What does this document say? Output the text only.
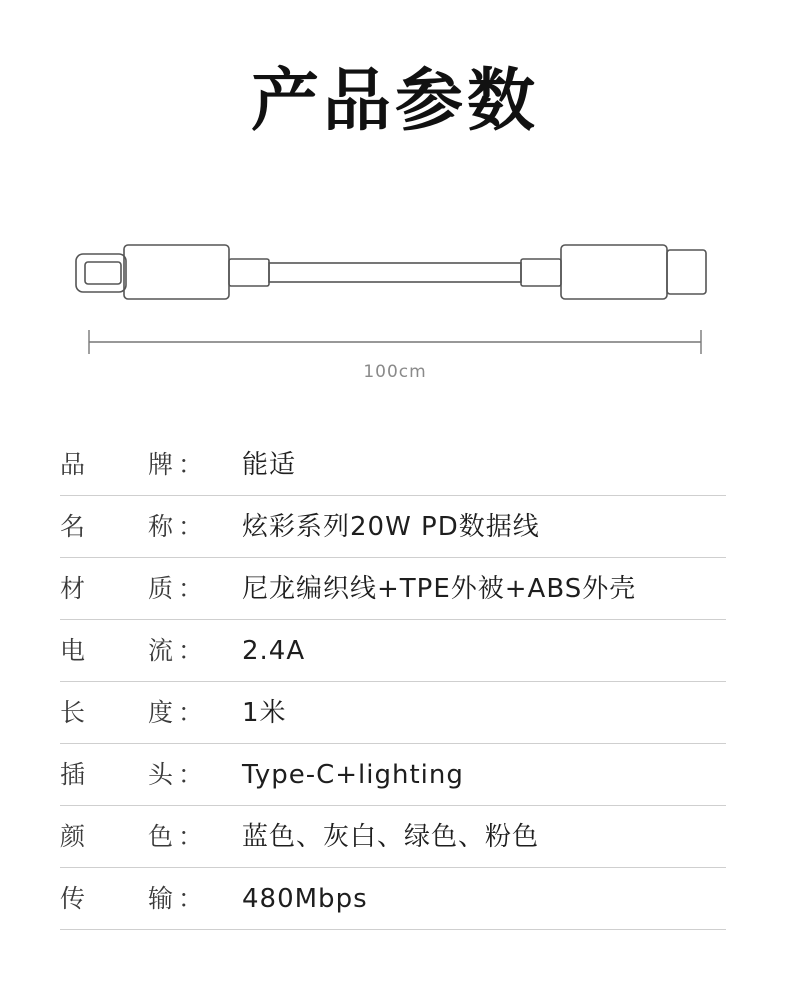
产品参数
100cm
品	牌 ： 能适
名	称 ： 炫彩系列20W PD数据线
材	质 ： 尼龙编织线+TPE外被+ABS外壳
电	流 ： 2.4A
长	度 ： 1米
插	头 ： Type-C+lighting
颜	色 ： 蓝色、灰白、绿色、粉色
传	输 ： 480Mbps
